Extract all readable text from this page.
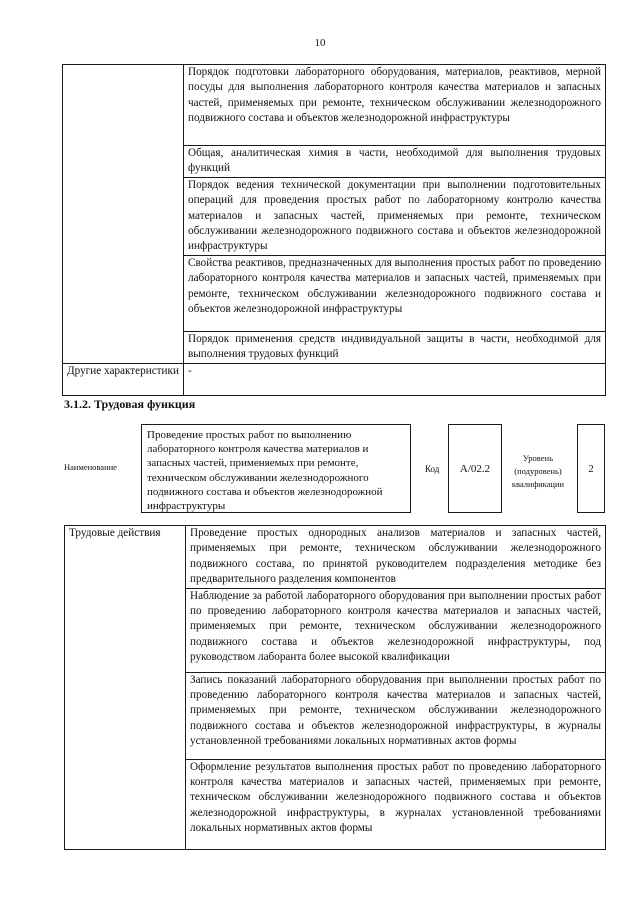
10
	Порядок подготовки лабораторного оборудования, материалов, реактивов, мерной посуды для выполнения лабораторного контроля качества материалов и запасных частей, применяемых при ремонте, техническом обслуживании железнодорожного подвижного состава и объектов железнодорожной инфраструктуры
	Общая, аналитическая химия в части, необходимой для выполнения трудовых функций
	Порядок ведения технической документации при выполнении подготовительных операций для проведения простых работ по лабораторному контролю качества материалов и запасных частей, применяемых при ремонте, техническом обслуживании железнодорожного подвижного состава и объектов железнодорожной инфраструктуры
	Свойства реактивов, предназначенных для выполнения простых работ по проведению лабораторного контроля качества материалов и запасных частей, применяемых при ремонте, техническом обслуживании железнодорожного подвижного состава и объектов железнодорожной инфраструктуры
	Порядок применения средств индивидуальной защиты в части, необходимой для выполнения трудовых функций
Другие характеристики	-
3.1.2. Трудовая функция
Наименование
Проведение простых работ по выполнению лабораторного контроля качества материалов и запасных частей, применяемых при ремонте, техническом обслуживании железнодорожного подвижного состава и объектов железнодорожной инфраструктуры
Код A/02.2
Уровень (подуровень) квалификации
2
Трудовые действия	Проведение простых однородных анализов материалов и запасных частей, применяемых при ремонте, техническом обслуживании железнодорожного подвижного состава, по принятой руководителем подразделения методике без предварительного разделения компонентов
Наблюдение за работой лабораторного оборудования при выполнении простых работ по проведению лабораторного контроля качества материалов и запасных частей, применяемых при ремонте, техническом обслуживании железнодорожного подвижного состава и объектов железнодорожной инфраструктуры, под руководством лаборанта более высокой квалификации
Запись показаний лабораторного оборудования при выполнении простых работ по проведению лабораторного контроля качества материалов и запасных частей, применяемых при ремонте, техническом обслуживании железнодорожного подвижного состава и объектов железнодорожной инфраструктуры, в журналы установленной требованиями локальных нормативных актов формы
Оформление результатов выполнения простых работ по проведению лабораторного контроля качества материалов и запасных частей, применяемых при ремонте, техническом обслуживании железнодорожного подвижного состава и объектов железнодорожной инфраструктуры, в журналах установленной требованиями локальных нормативных актов формы
